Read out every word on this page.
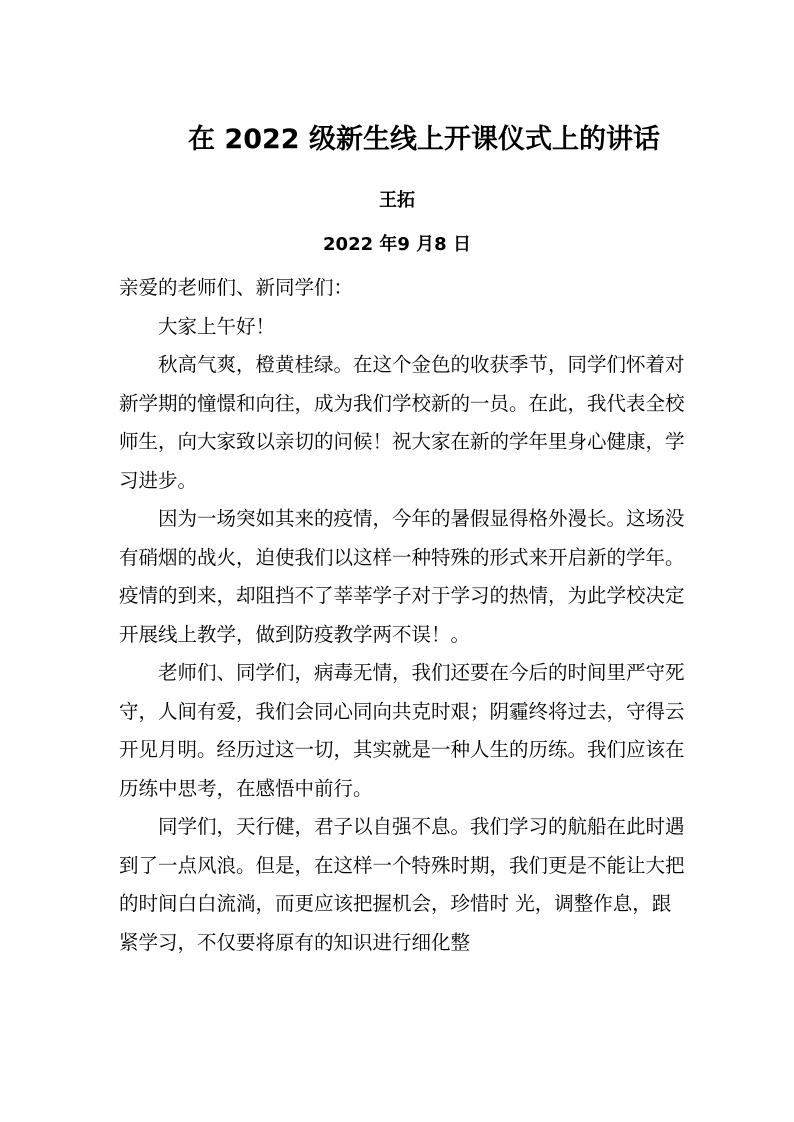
在 2022 级新生线上开课仪式上的讲话
王拓
2022 年9 月8 日

亲爱的老师们、新同学们：

大家上午好！

秋高气爽，橙黄桂绿。在这个金色的收获季节，同学们怀着对新学期的憧憬和向往，成为我们学校新的一员。在此，我代表全校师生，向大家致以亲切的问候！祝大家在新的学年里身心健康，学习进步。

因为一场突如其来的疫情，今年的暑假显得格外漫长。这场没有硝烟的战火，迫使我们以这样一种特殊的形式来开启新的学年。疫情的到来，却阻挡不了莘莘学子对于学习的热情，为此学校决定开展线上教学，做到防疫教学两不误！。

老师们、同学们，病毒无情，我们还要在今后的时间里严守死守，人间有爱，我们会同心同向共克时艰；阴霾终将过去，守得云开见月明。经历过这一切，其实就是一种人生的历练。我们应该在历练中思考，在感悟中前行。

同学们，天行健，君子以自强不息。我们学习的航船在此时遇到了一点风浪。但是，在这样一个特殊时期，我们更是不能让大把的时间白白流淌，而更应该把握机会，珍惜时 光，调整作息，跟紧学习，不仅要将原有的知识进行细化整
